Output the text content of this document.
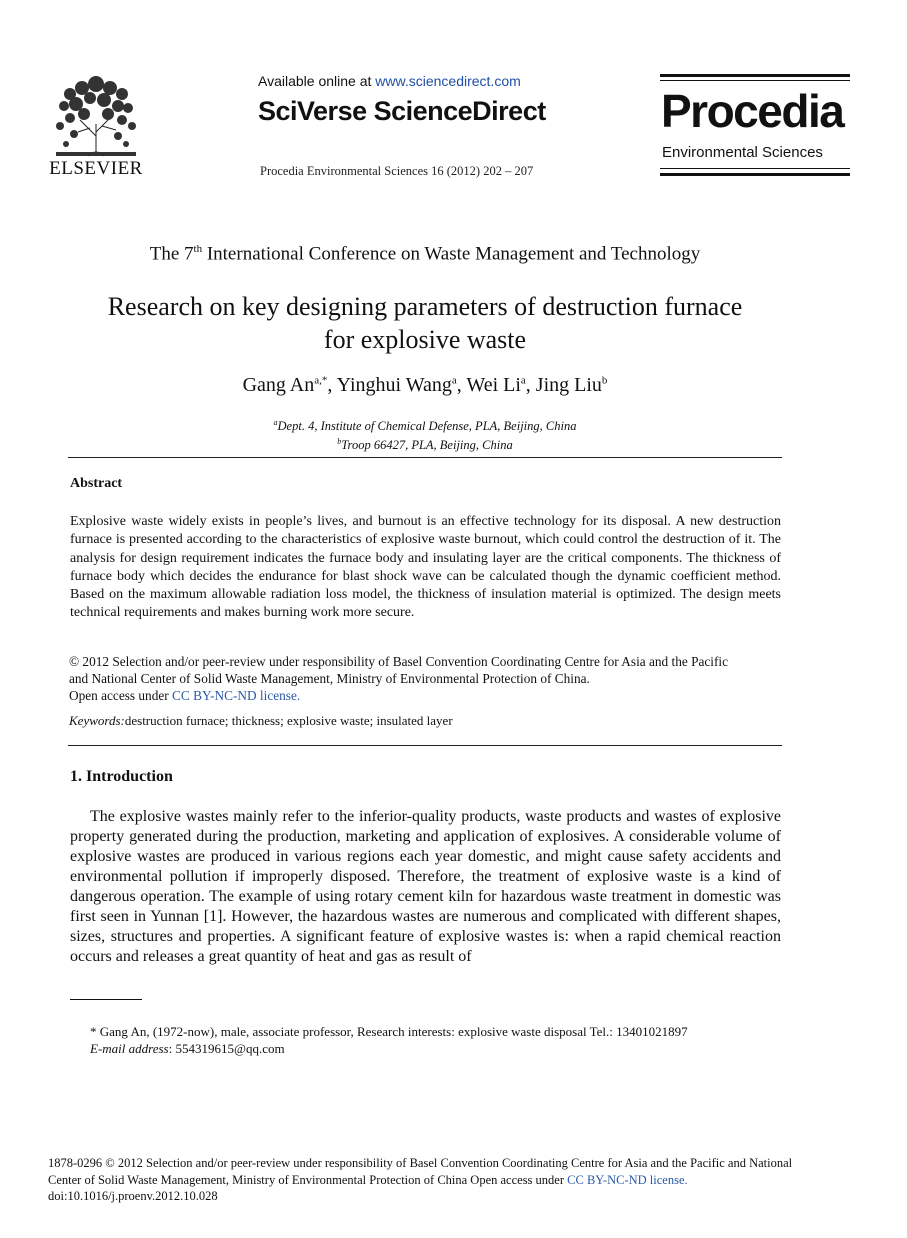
ELSEVIER
Available online at www.sciencedirect.com
SciVerse ScienceDirect
Procedia Environmental Sciences 16 (2012) 202 – 207
Procedia
Environmental Sciences
The 7th International Conference on Waste Management and Technology
Research on key designing parameters of destruction furnace
for explosive waste
Gang $An^{a,*}$, Yinghui Wang$^a$, Wei Li$^a$, Jing Liu$^b$
$^a$Dept. 4, Institute of Chemical Defense, PLA, Beijing, China
$^b$Troop 66427, PLA, Beijing, China
Abstract
Explosive waste widely exists in people’s lives, and burnout is an effective technology for its disposal. A new destruction furnace is presented according to the characteristics of explosive waste burnout, which could control the destruction of it. The analysis for design requirement indicates the furnace body and insulating layer are the critical components. The thickness of furnace body which decides the endurance for blast shock wave can be calculated though the dynamic coefficient method. Based on the maximum allowable radiation loss model, the thickness of insulation material is optimized. The design meets technical requirements and makes burning work more secure.
© 2012 Selection and/or peer-review under responsibility of Basel Convention Coordinating Centre for Asia and the Pacific
and National Center of Solid Waste Management, Ministry of Environmental Protection of China.
Open access under CC BY-NC-ND license.
Keywords:destruction furnace; thickness; explosive waste; insulated layer
1. Introduction
The explosive wastes mainly refer to the inferior-quality products, waste products and wastes of explosive property generated during the production, marketing and application of explosives. A considerable volume of explosive wastes are produced in various regions each year domestic, and might cause safety accidents and environmental pollution if improperly disposed. Therefore, the treatment of explosive waste is a kind of dangerous operation. The example of using rotary cement kiln for hazardous waste treatment in domestic was first seen in Yunnan [1]. However, the hazardous wastes are numerous and complicated with different shapes, sizes, structures and properties. A significant feature of explosive wastes is: when a rapid chemical reaction occurs and releases a great quantity of heat and gas as result of
* Gang An, (1972-now), male, associate professor, Research interests: explosive waste disposal Tel.: 13401021897
E-mail address: 554319615@qq.com
1878-0296 © 2012 Selection and/or peer-review under responsibility of Basel Convention Coordinating Centre for Asia and the Pacific and National
Center of Solid Waste Management, Ministry of Environmental Protection of China Open access under CC BY-NC-ND license.
doi:10.1016/j.proenv.2012.10.028
